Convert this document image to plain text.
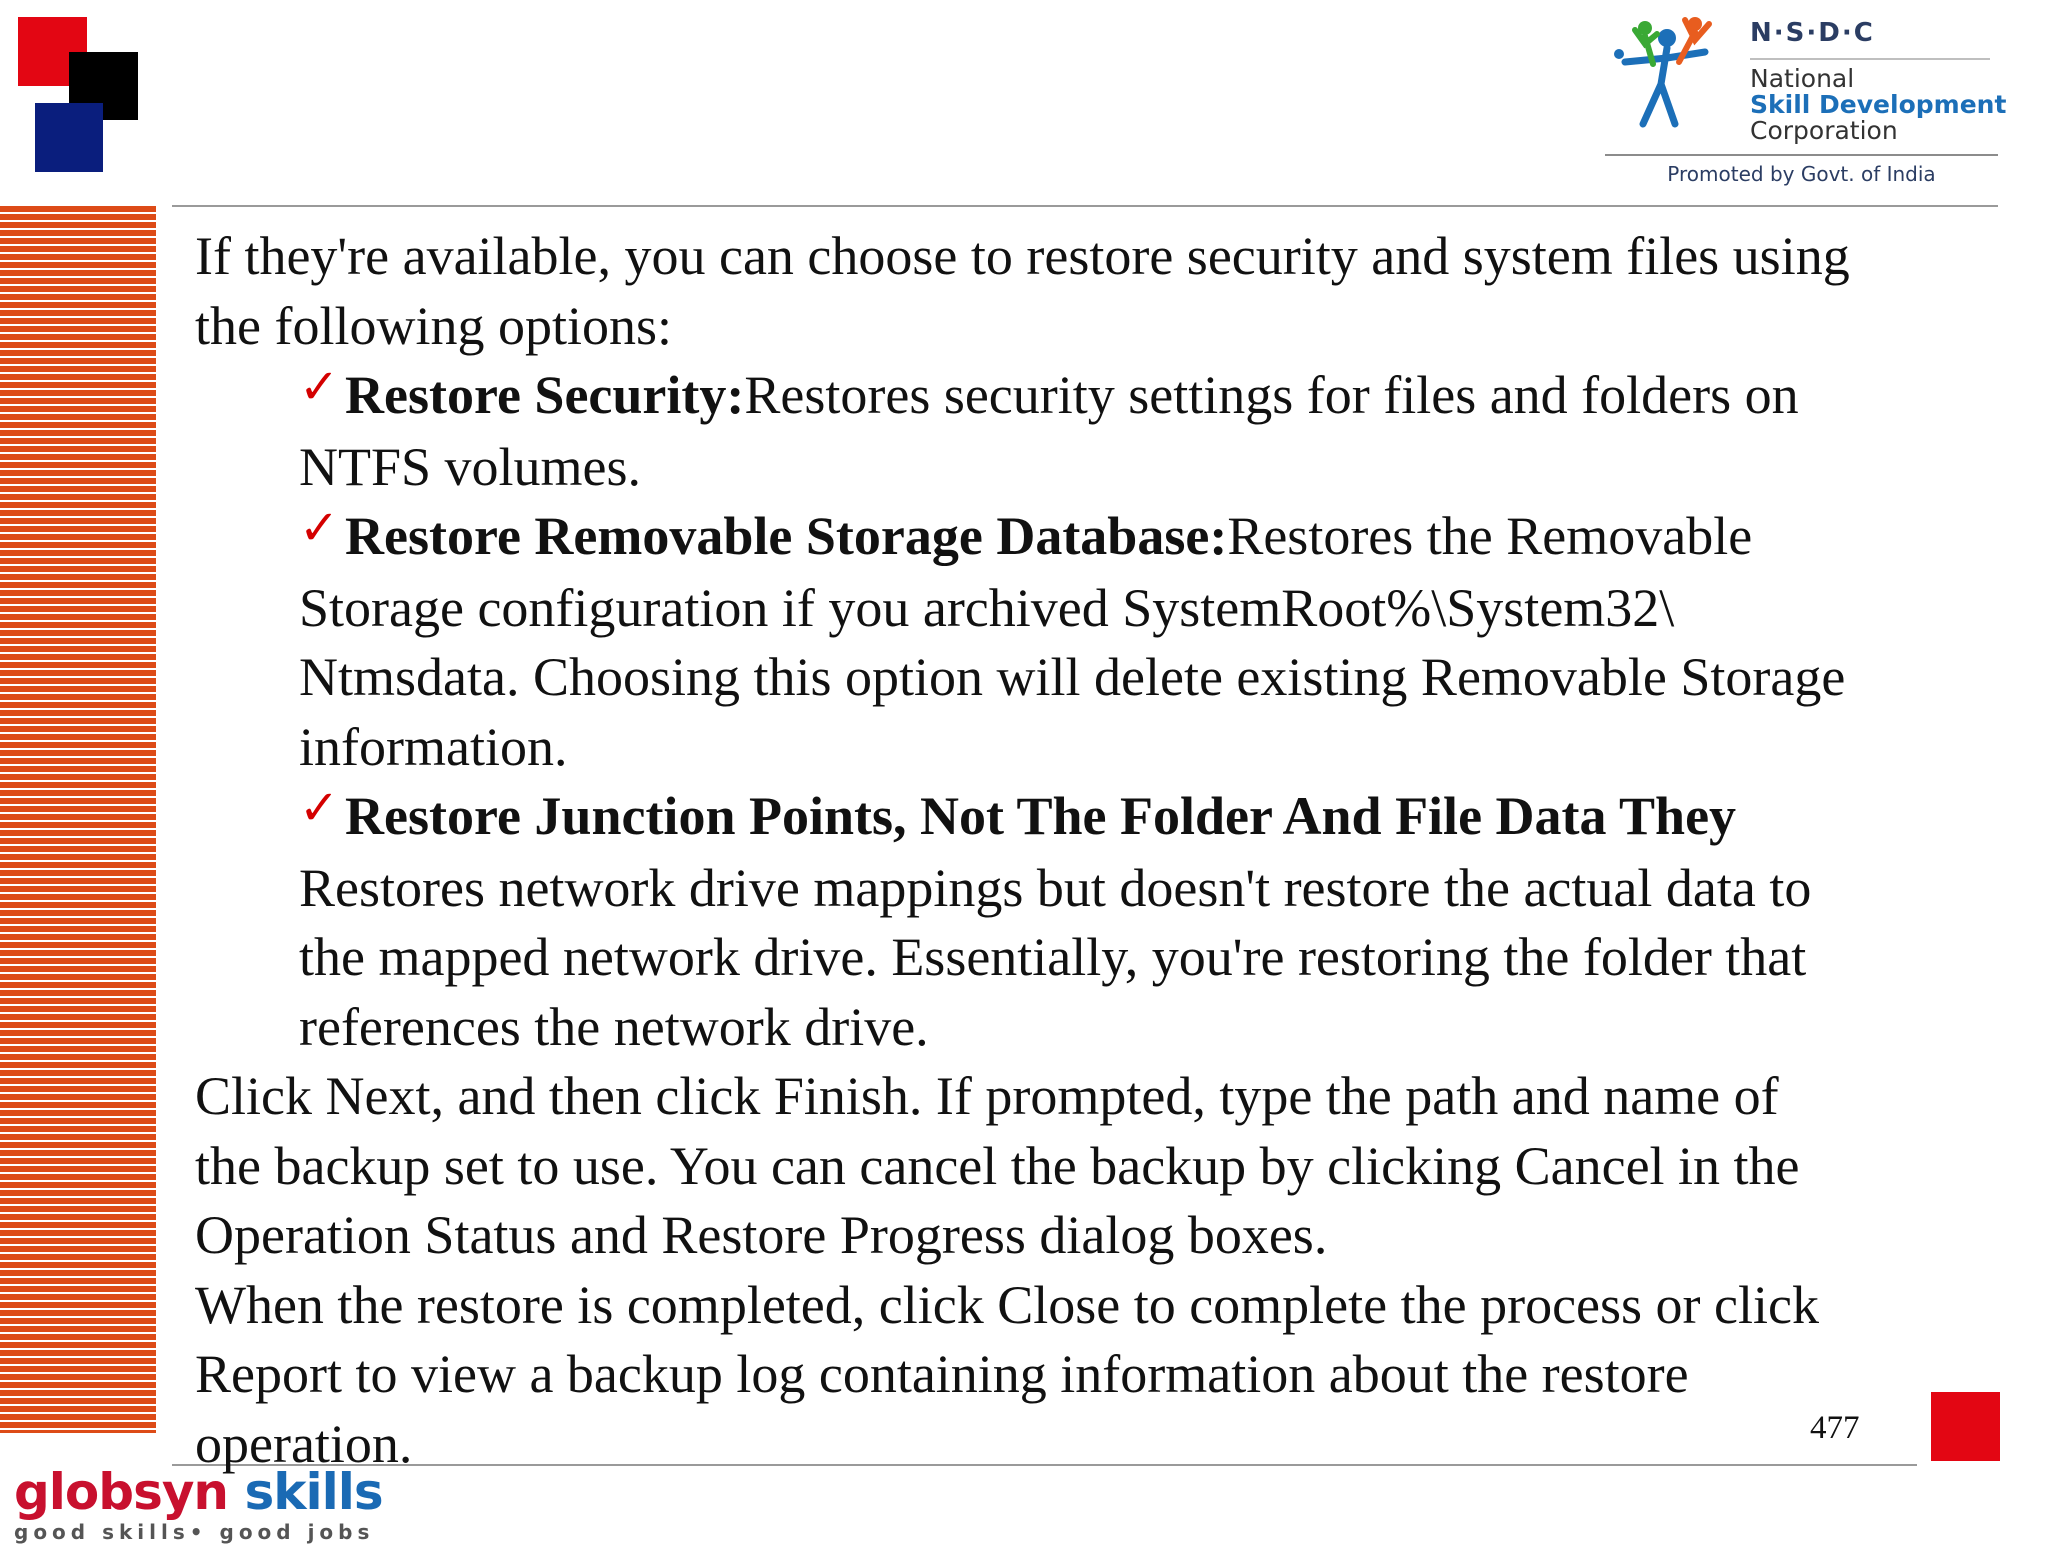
N·S·D·C
National
Skill Development
Corporation
Promoted by Govt. of India

If they're available, you can choose to restore security and system files using

the following options:

✓ Restore Security:Restores security settings for files and folders on

NTFS volumes.

✓ Restore Removable Storage Database:Restores the Removable

Storage configuration if you archived SystemRoot%\System32\

Ntmsdata. Choosing this option will delete existing Removable Storage

information.

✓ Restore Junction Points, Not The Folder And File Data They

Restores network drive mappings but doesn't restore the actual data to

the mapped network drive. Essentially, you're restoring the folder that

references the network drive.

Click Next, and then click Finish. If prompted, type the path and name of

the backup set to use. You can cancel the backup by clicking Cancel in the

Operation Status and Restore Progress dialog boxes.

When the restore is completed, click Close to complete the process or click

Report to view a backup log containing information about the restore

operation.	477
globsyn skills
good skills• good jobs
